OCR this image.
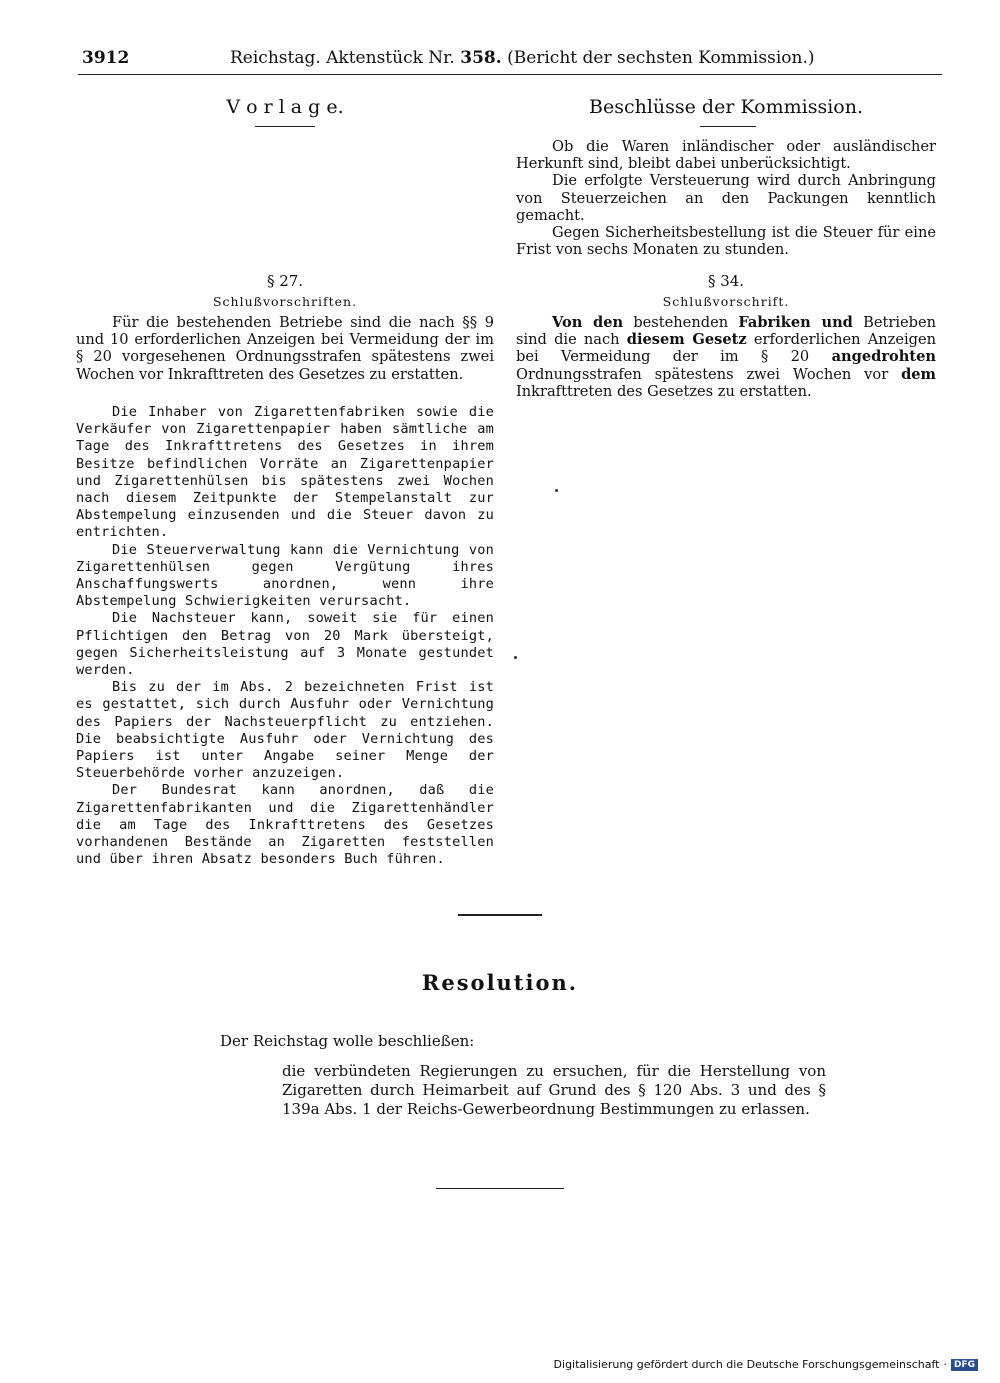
3912	Reichstag. Aktenstück Nr. 358. (Bericht der sechsten Kommission.)
V o r l a g e.	Beschlüsse der Kommission.

Ob die Waren inländischer oder ausländischer Herkunft sind, bleibt dabei unberücksichtigt.

Die erfolgte Versteuerung wird durch Anbringung von Steuerzeichen an den Packungen kenntlich gemacht.

Gegen Sicherheitsbestellung ist die Steuer für eine Frist von sechs Monaten zu stunden.

§ 27.
Schlußvorschriften.

Für die bestehenden Betriebe sind die nach §§ 9 und 10 erforderlichen Anzeigen bei Vermeidung der im § 20 vorgesehenen Ordnungsstrafen spätestens zwei Wochen vor Inkrafttreten des Gesetzes zu erstatten.

Die Inhaber von Zigarettenfabriken sowie die Verkäufer von Zigarettenpapier haben sämtliche am Tage des Inkrafttretens des Gesetzes in ihrem Besitze befindlichen Vorräte an Zigarettenpapier und Zigarettenhülsen bis spätestens zwei Wochen nach diesem Zeitpunkte der Stempelanstalt zur Abstempelung einzusenden und die Steuer davon zu entrichten.

Die Steuerverwaltung kann die Vernichtung von Zigarettenhülsen gegen Vergütung ihres Anschaffungswerts anordnen, wenn ihre Abstempelung Schwierigkeiten verursacht.

Die Nachsteuer kann, soweit sie für einen Pflichtigen den Betrag von 20 Mark übersteigt, gegen Sicherheitsleistung auf 3 Monate gestundet werden.

Bis zu der im Abs. 2 bezeichneten Frist ist es gestattet, sich durch Ausfuhr oder Vernichtung des Papiers der Nachsteuerpflicht zu entziehen. Die beabsichtigte Ausfuhr oder Vernichtung des Papiers ist unter Angabe seiner Menge der Steuerbehörde vorher anzuzeigen.

Der Bundesrat kann anordnen, daß die Zigarettenfabrikanten und die Zigarettenhändler die am Tage des Inkrafttretens des Gesetzes vorhandenen Bestände an Zigaretten feststellen und über ihren Absatz besonders Buch führen.

§ 34.
Schlußvorschrift.

Von den bestehenden Fabriken und Betrieben sind die nach diesem Gesetz erforderlichen Anzeigen bei Vermeidung der im § 20 angedrohten Ordnungsstrafen spätestens zwei Wochen vor dem Inkrafttreten des Gesetzes zu erstatten.

Resolution.
Der Reichstag wolle beschließen:

die verbündeten Regierungen zu ersuchen, für die Herstellung von Zigaretten durch Heimarbeit auf Grund des § 120 Abs. 3 und des § 139a Abs. 1 der Reichs-Gewerbeordnung Bestimmungen zu erlassen.

Digitalisierung gefördert durch die Deutsche Forschungsgemeinschaft · DFG
